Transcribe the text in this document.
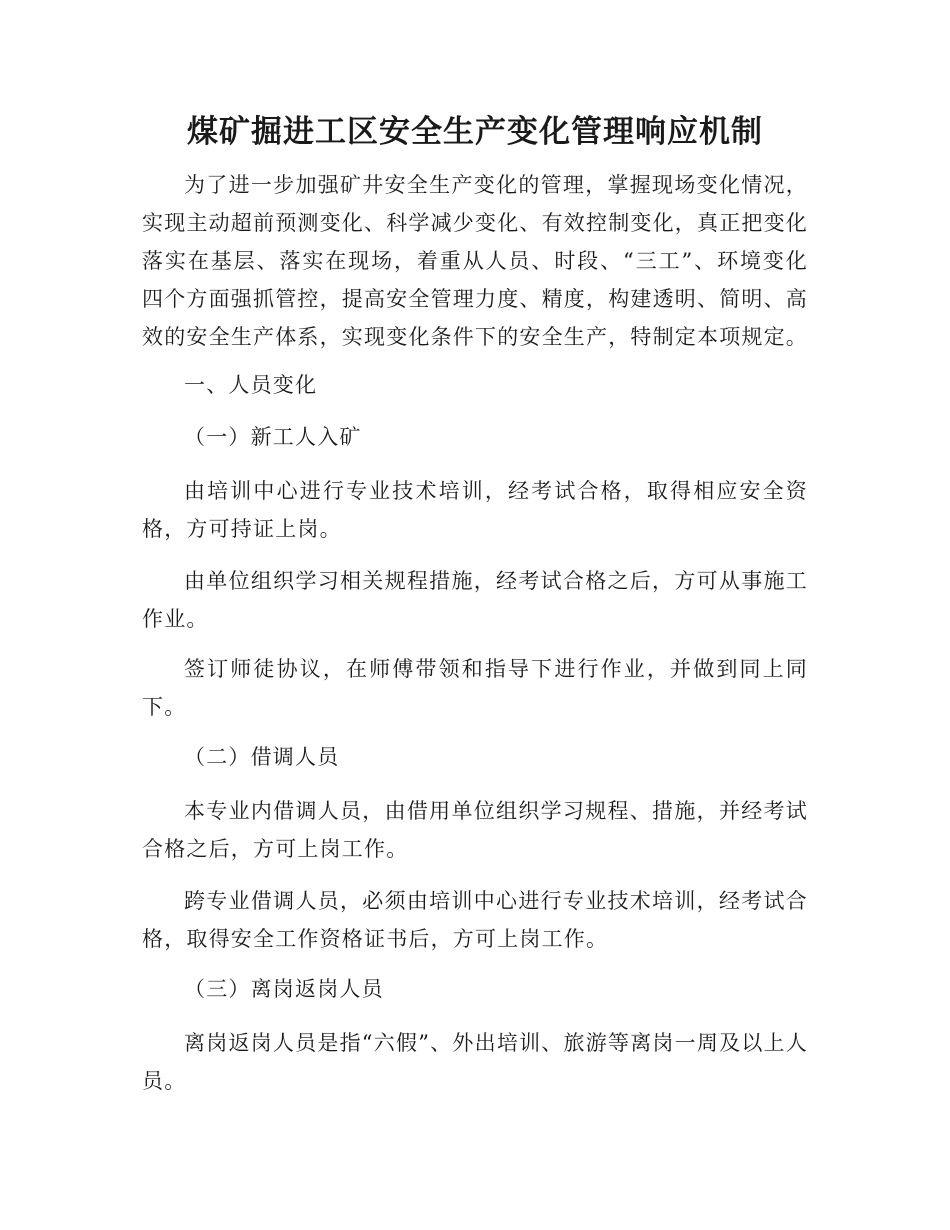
煤矿掘进工区安全生产变化管理响应机制

为了进一步加强矿井安全生产变化的管理，掌握现场变化情况，实现主动超前预测变化、科学减少变化、有效控制变化，真正把变化落实在基层、落实在现场，着重从人员、时段、“三工”、环境变化四个方面强抓管控，提高安全管理力度、精度，构建透明、简明、高效的安全生产体系，实现变化条件下的安全生产，特制定本项规定。

一、人员变化

（一）新工人入矿

由培训中心进行专业技术培训，经考试合格，取得相应安全资格，方可持证上岗。

由单位组织学习相关规程措施，经考试合格之后，方可从事施工作业。

签订师徒协议，在师傅带领和指导下进行作业，并做到同上同下。

（二）借调人员

本专业内借调人员，由借用单位组织学习规程、措施，并经考试合格之后，方可上岗工作。

跨专业借调人员，必须由培训中心进行专业技术培训，经考试合格，取得安全工作资格证书后，方可上岗工作。

（三）离岗返岗人员

离岗返岗人员是指“六假”、外出培训、旅游等离岗一周及以上人员。
